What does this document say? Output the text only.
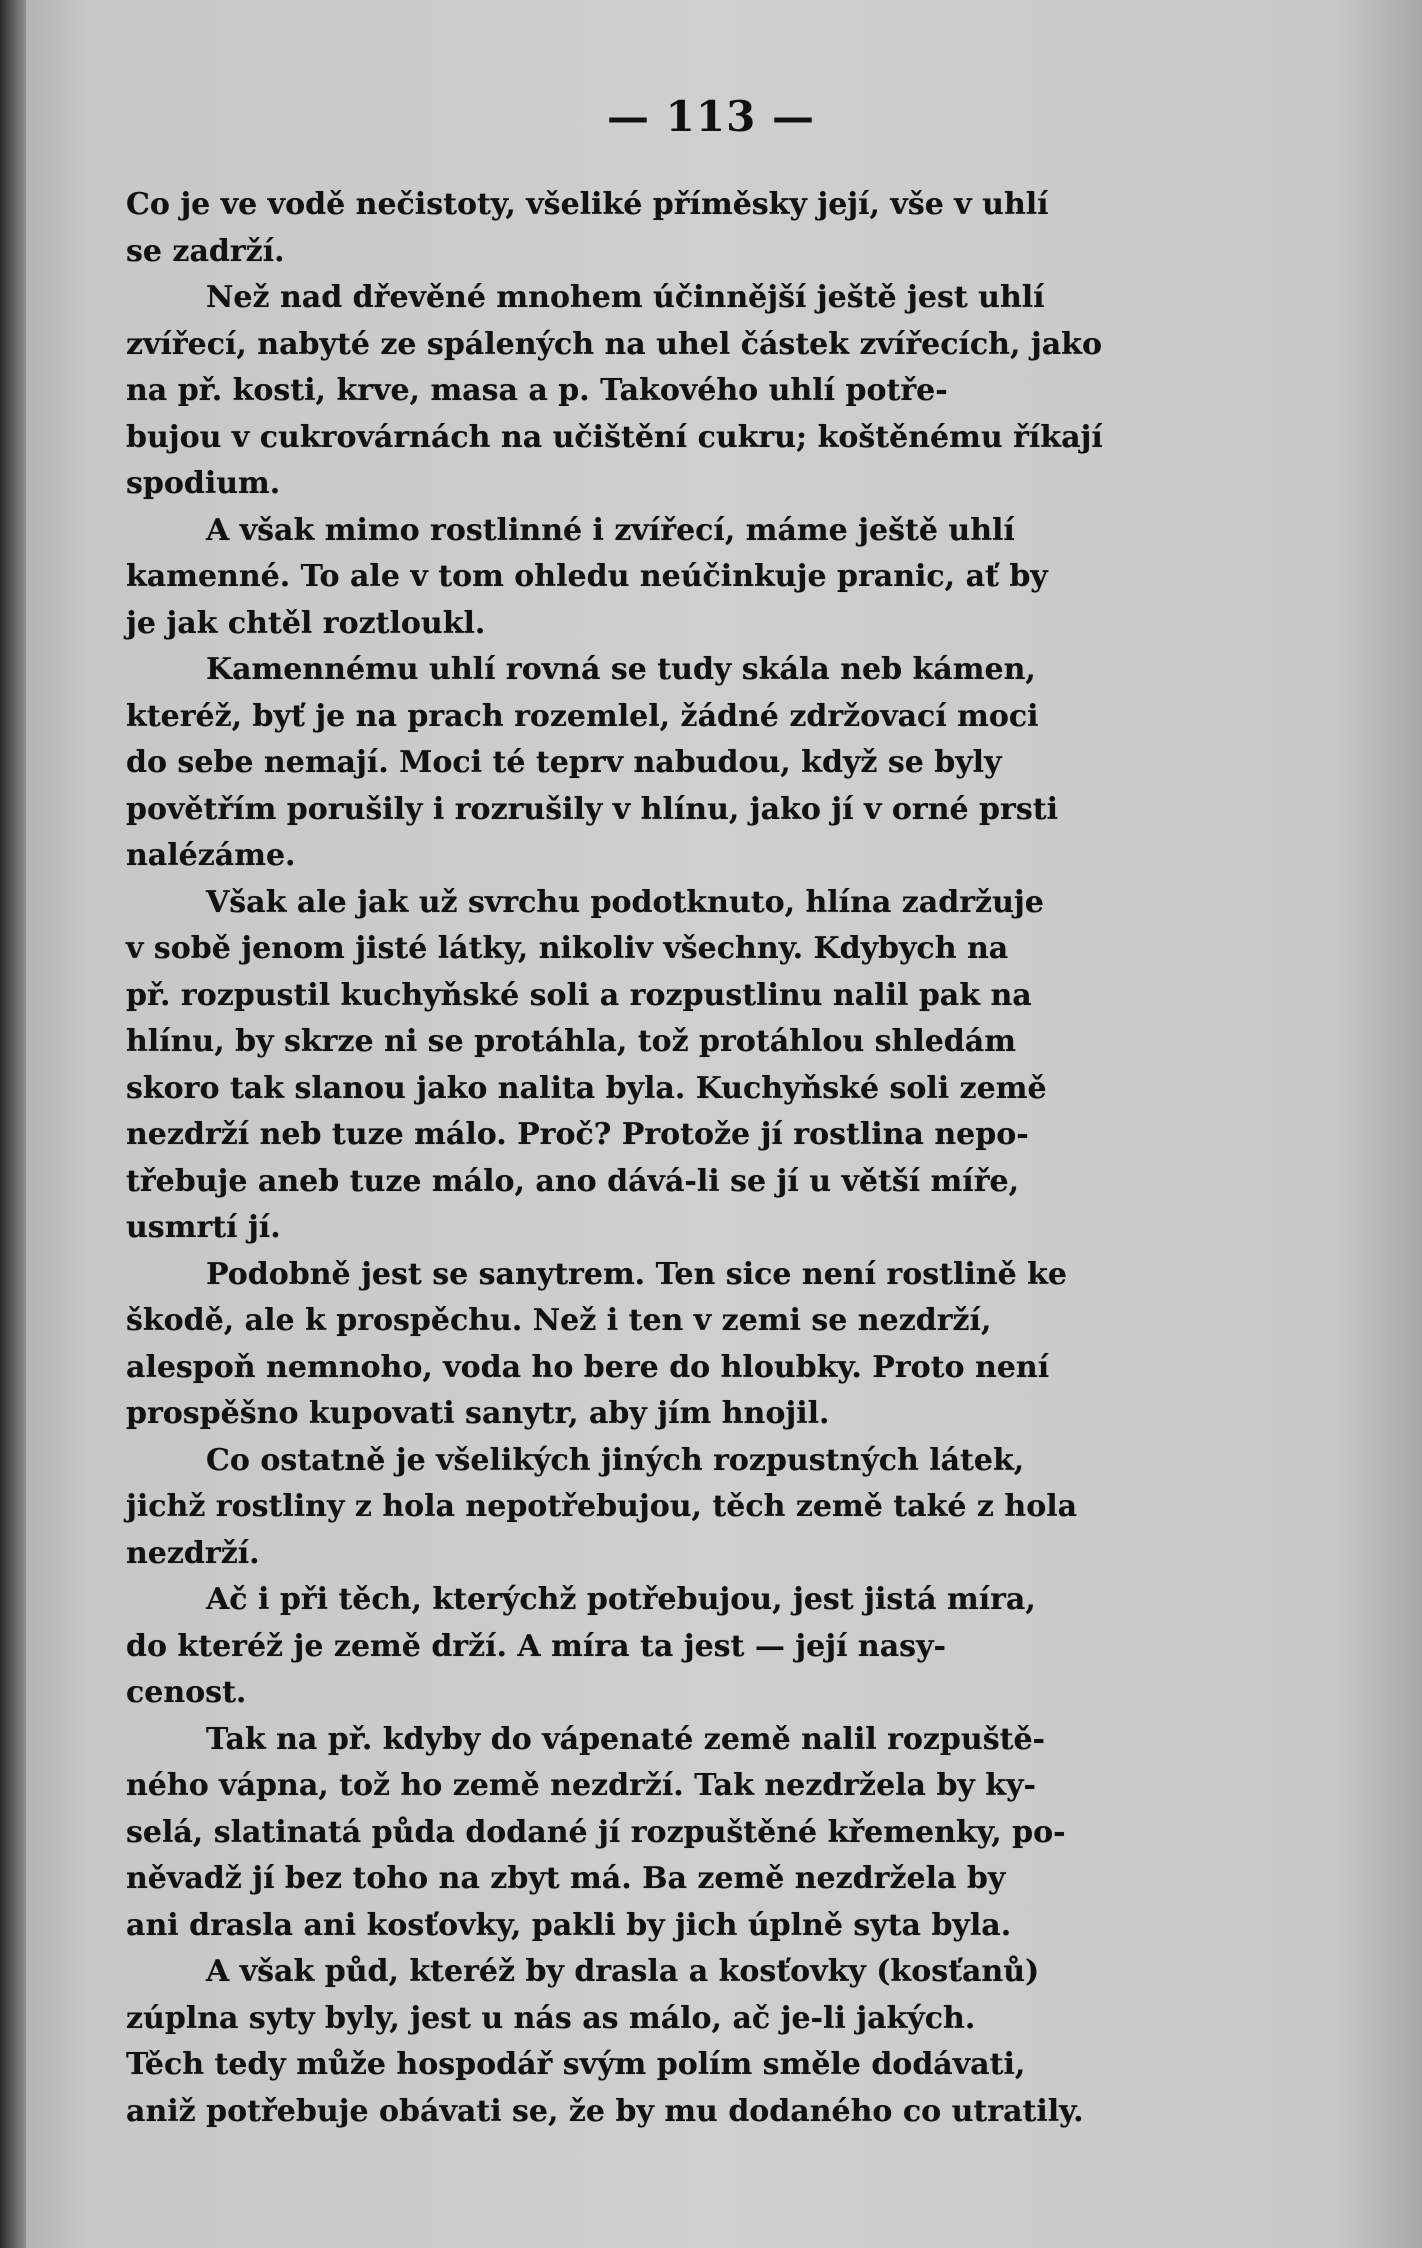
— 113 —
Co je ve vodě nečistoty, všeliké příměsky její, vše v uhlí
se zadrží.
Než nad dřevěné mnohem účinnější ještě jest uhlí
zvířecí, nabyté ze spálených na uhel částek zvířecích, jako
na př. kosti, krve, masa a p. Takového uhlí potře-
bujou v cukrovárnách na učištění cukru; koštěnému říkají
spodium.
A však mimo rostlinné i zvířecí, máme ještě uhlí
kamenné. To ale v tom ohledu neúčinkuje pranic, ať by
je jak chtěl roztloukl.
Kamennému uhlí rovná se tudy skála neb kámen,
kteréž, byť je na prach rozemlel, žádné zdržovací moci
do sebe nemají. Moci té teprv nabudou, když se byly
povětřím porušily i rozrušily v hlínu, jako jí v orné prsti
nalézáme.
Však ale jak už svrchu podotknuto, hlína zadržuje
v sobě jenom jisté látky, nikoliv všechny. Kdybych na
př. rozpustil kuchyňské soli a rozpustlinu nalil pak na
hlínu, by skrze ni se protáhla, tož protáhlou shledám
skoro tak slanou jako nalita byla. Kuchyňské soli země
nezdrží neb tuze málo. Proč? Protože jí rostlina nepo-
třebuje aneb tuze málo, ano dává-li se jí u větší míře,
usmrtí jí.
Podobně jest se sanytrem. Ten sice není rostlině ke
škodě, ale k prospěchu. Než i ten v zemi se nezdrží,
alespoň nemnoho, voda ho bere do hloubky. Proto není
prospěšno kupovati sanytr, aby jím hnojil.
Co ostatně je všelikých jiných rozpustných látek,
jichž rostliny z hola nepotřebujou, těch země také z hola
nezdrží.
Ač i při těch, kterýchž potřebujou, jest jistá míra,
do kteréž je země drží. A míra ta jest — její nasy-
cenost.
Tak na př. kdyby do vápenaté země nalil rozpuště-
ného vápna, tož ho země nezdrží. Tak nezdržela by ky-
selá, slatinatá půda dodané jí rozpuštěné křemenky, po-
něvadž jí bez toho na zbyt má. Ba země nezdržela by
ani drasla ani kosťovky, pakli by jich úplně syta byla.
A však půd, kteréž by drasla a kosťovky (kosťanů)
zúplna syty byly, jest u nás as málo, ač je-li jakých.
Těch tedy může hospodář svým polím směle dodávati,
aniž potřebuje obávati se, že by mu dodaného co utratily.
